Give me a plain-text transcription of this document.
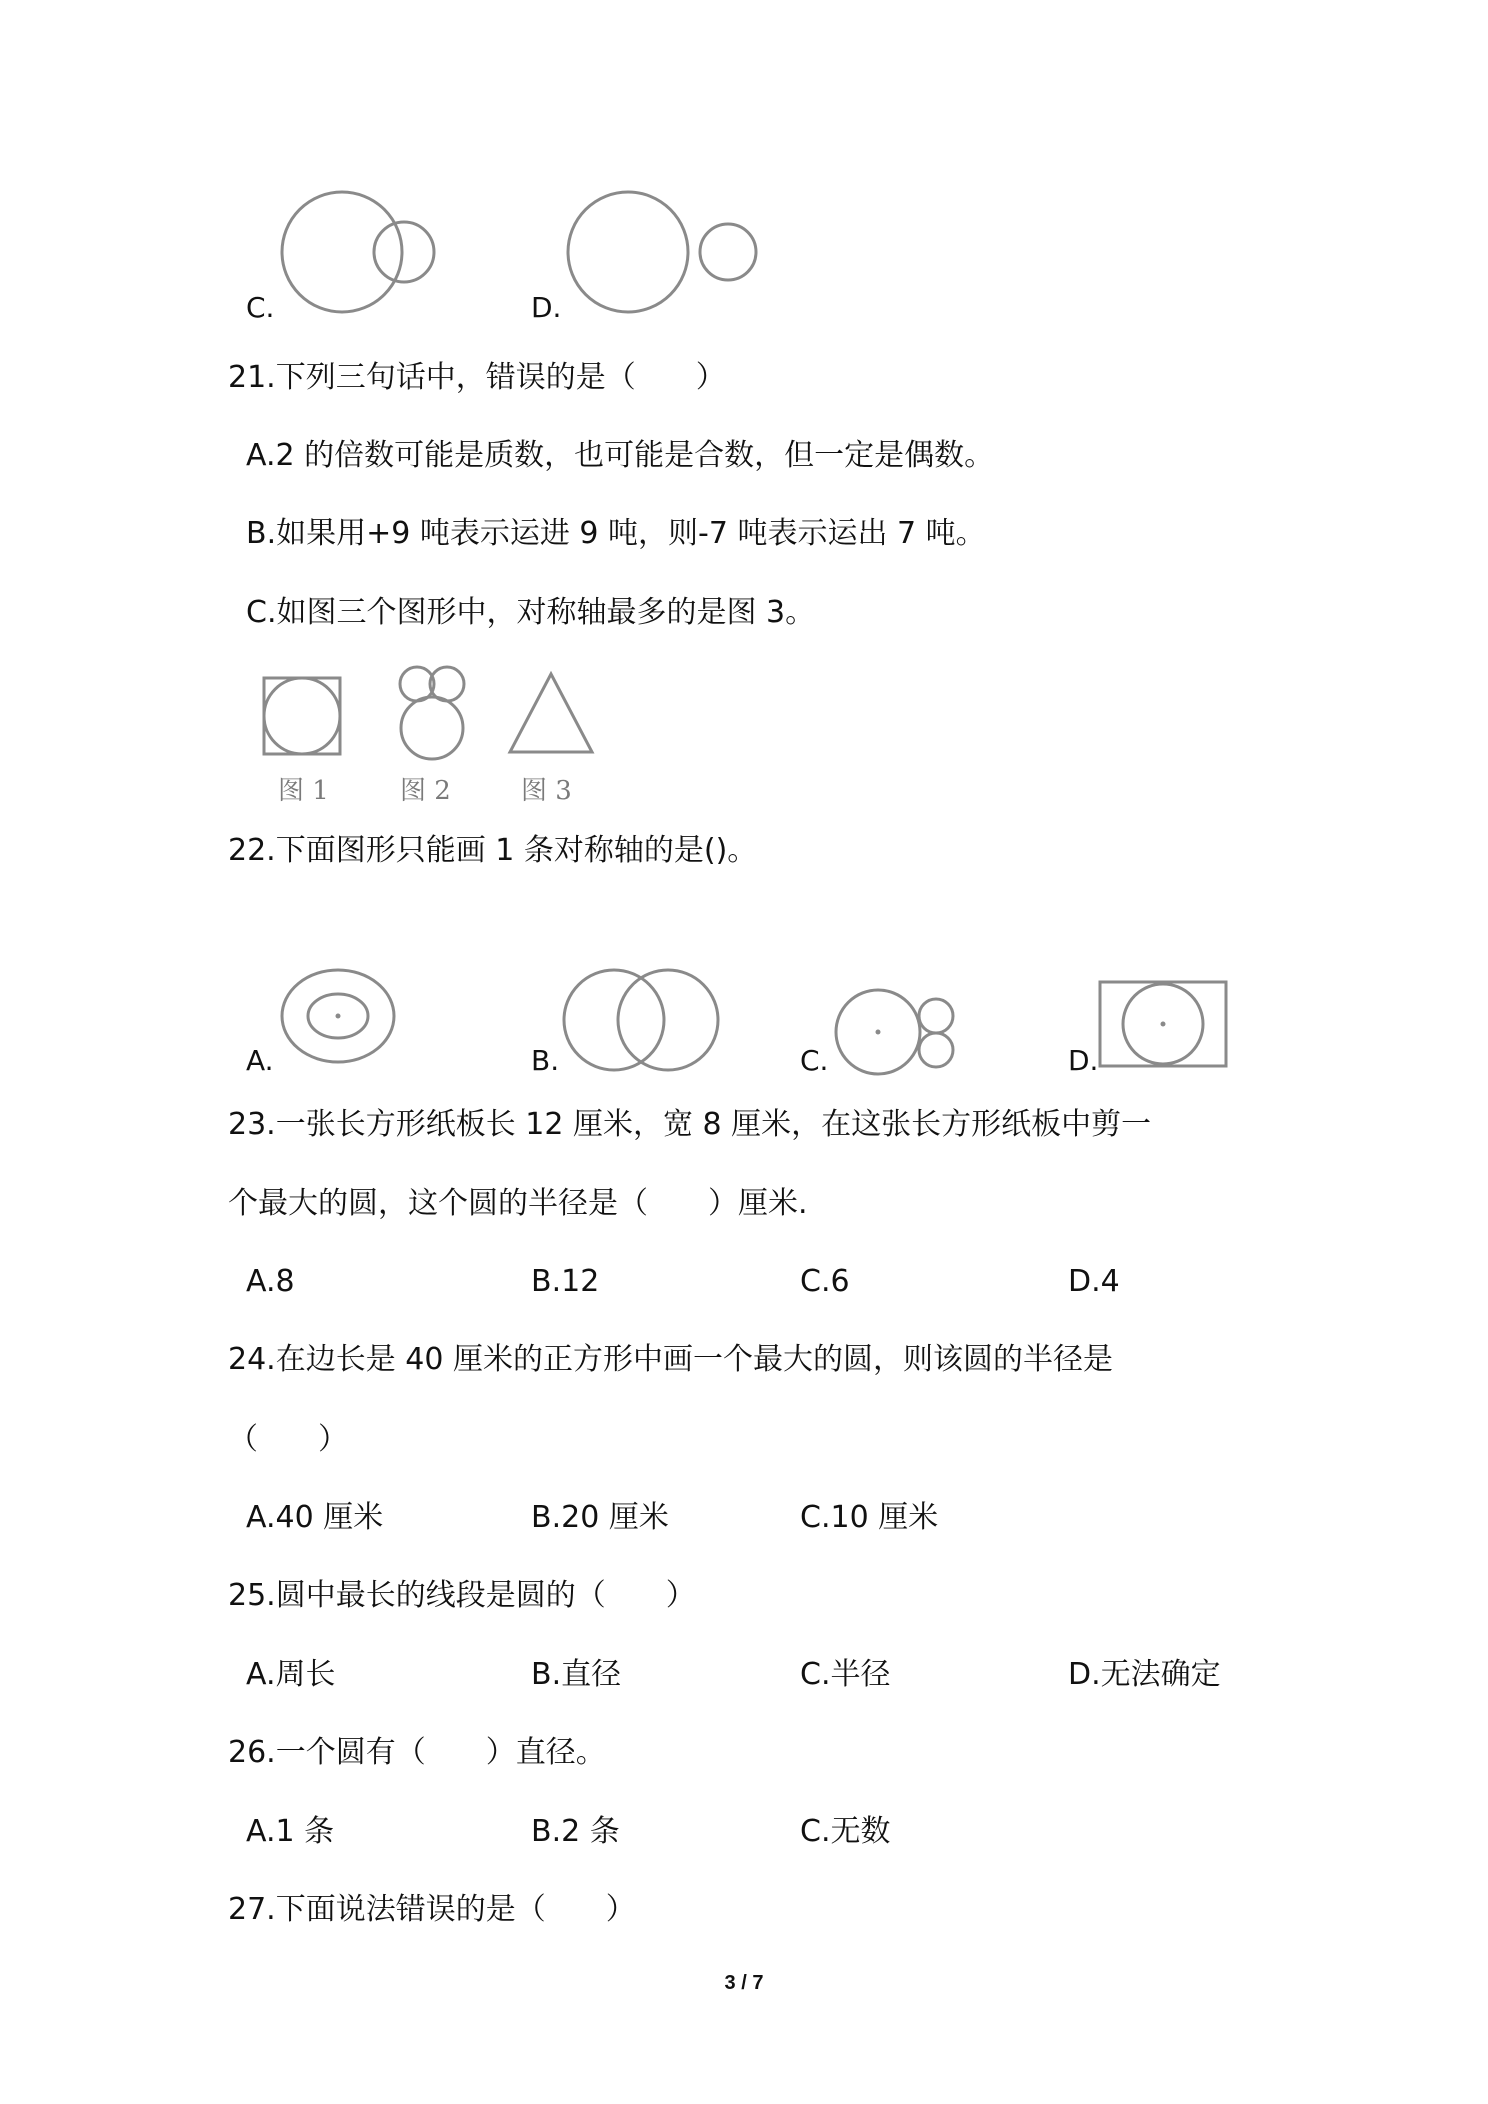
C.	D.
21.下列三句话中，错误的是（　　）
A.2 的倍数可能是质数，也可能是合数，但一定是偶数。
B.如果用+9 吨表示运进 9 吨，则-7 吨表示运出 7 吨。
C.如图三个图形中，对称轴最多的是图 3。
图 1	图 2	图 3
22.下面图形只能画 1 条对称轴的是()。
A.	B.	C.	D.
23.一张长方形纸板长 12 厘米，宽 8 厘米，在这张长方形纸板中剪一
个最大的圆，这个圆的半径是（　　）厘米.
A.8	B.12	C.6	D.4
24.在边长是 40 厘米的正方形中画一个最大的圆，则该圆的半径是
（　　）
A.40 厘米	B.20 厘米	C.10 厘米
25.圆中最长的线段是圆的（　　）
A.周长	B.直径	C.半径	D.无法确定
26.一个圆有（　　）直径。
A.1 条	B.2 条	C.无数
27.下面说法错误的是（　　）
3 / 7
